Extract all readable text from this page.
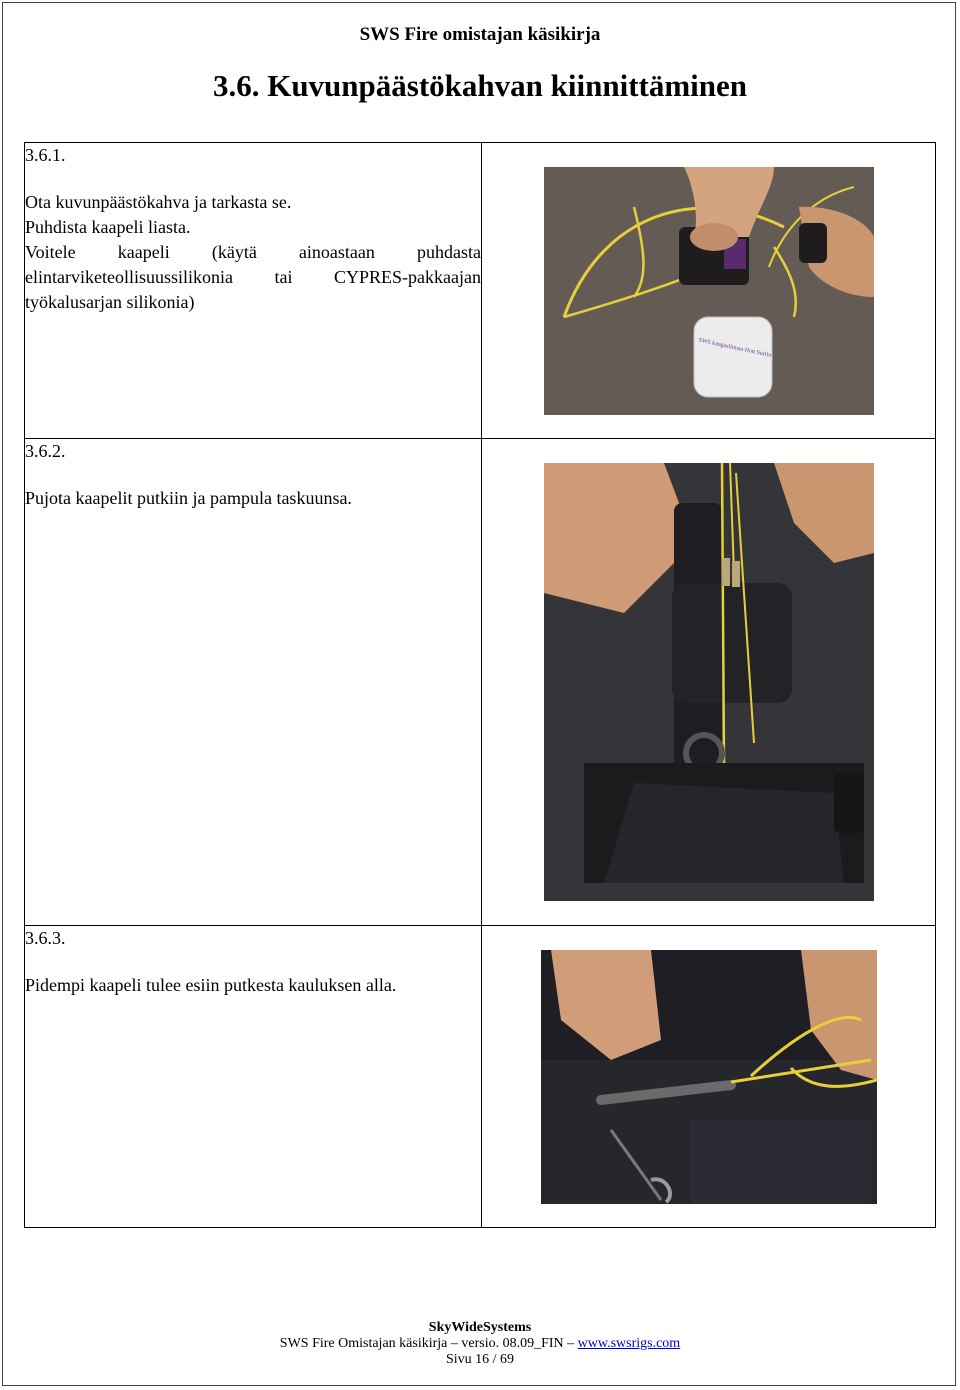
SWS Fire omistajan käsikirja
3.6. Kuvunpäästökahvan kiinnittäminen
3.6.1.
Ota kuvunpäästökahva ja tarkasta se.
Puhdista kaapeli liasta.
Voitele kaapeli (käytä ainoastaan puhdasta elintarviketeollisuussilikonia tai CYPRES-pakkaajan työkalusarjan silikonia)	SWS kangasliimaa Hott Surfin

3.6.2.
Pujota kaapelit putkiin ja pampula taskuunsa.

3.6.3.
Pidempi kaapeli tulee esiin putkesta kauluksen alla.

SkyWideSystems
SWS Fire Omistajan käsikirja – versio. 08.09_FIN – www.swsrigs.com
Sivu 16 / 69
